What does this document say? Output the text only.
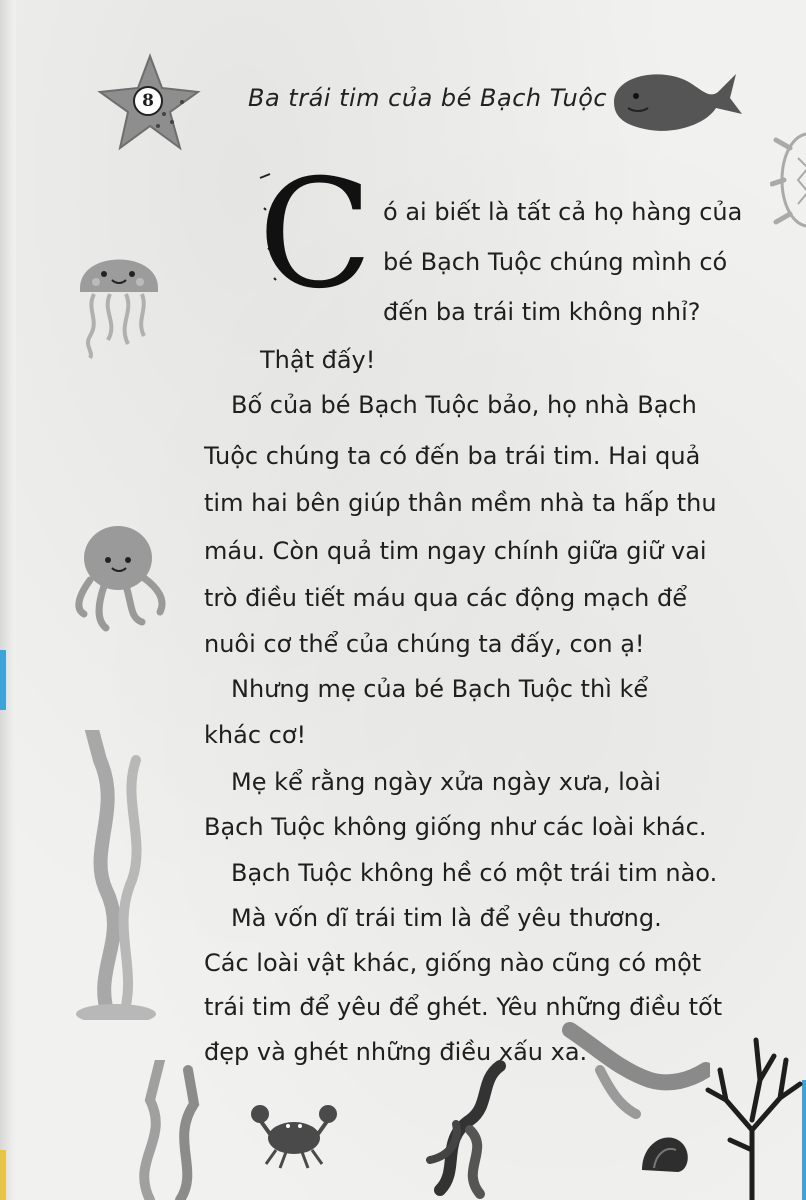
8	Ba trái tim của bé Bạch Tuộc
C ó ai biết là tất cả họ hàng của
bé Bạch Tuộc chúng mình có
đến ba trái tim không nhỉ?
Thật đấy!
Bố của bé Bạch Tuộc bảo, họ nhà Bạch
Tuộc chúng ta có đến ba trái tim. Hai quả
tim hai bên giúp thân mềm nhà ta hấp thu
máu. Còn quả tim ngay chính giữa giữ vai
trò điều tiết máu qua các động mạch để
nuôi cơ thể của chúng ta đấy, con ạ!
Nhưng mẹ của bé Bạch Tuộc thì kể
khác cơ!
Mẹ kể rằng ngày xửa ngày xưa, loài
Bạch Tuộc không giống như các loài khác.
Bạch Tuộc không hề có một trái tim nào.
Mà vốn dĩ trái tim là để yêu thương.
Các loài vật khác, giống nào cũng có một
trái tim để yêu để ghét. Yêu những điều tốt
đẹp và ghét những điều xấu xa.
